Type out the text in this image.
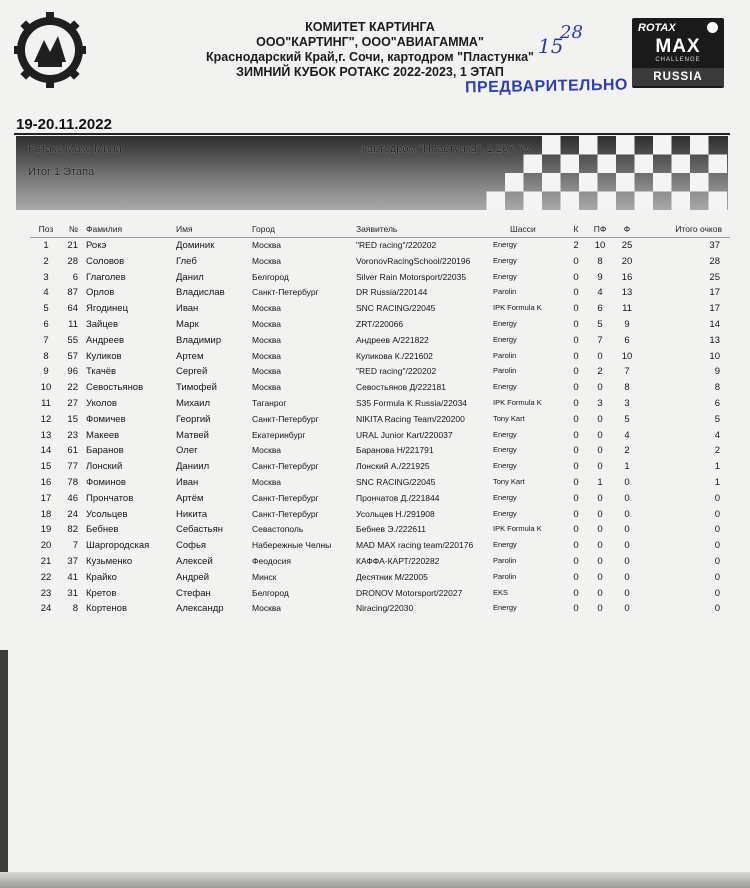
КОМИТЕТ КАРТИНГА
ООО"КАРТИНГ", ООО"АВИАГАММА"
Краснодарский Край,г. Сочи, картодром "Пластунка"
ЗИМНИЙ КУБОК РОТАКС 2022-2023, 1 ЭТАП
15
28
ПРЕДВАРИТЕЛЬНО
ROTAX
MAX
CHALLENGE
RUSSIA
19-20.11.2022
Ротакс Макс Мини
Итог 1 Этапа
картодром "Пластунка", 1,207 Км
Поз	№ Фамилия	Имя	Город	Заявитель	Шасси	К	ПФ	Ф	Итого очков
1	21 Рокэ	Доминик	Москва	"RED racing"/220202	Energy	2	10	25	37
2	28 Соловов	Глеб	Москва	VoronovRacingSchool/220196	Energy	0	8	20	28
3	6 Глаголев	Данил	Белгород	Silver Rain Motorsport/22035	Energy	0	9	16	25
4	87 Орлов	Владислав	Санкт-Петербург	DR Russia/220144	Parolin	0	4	13	17
5	64 Ягодинец	Иван	Москва	SNC RACING/22045	IPK Formula K	0	6	11	17
6	11 Зайцев	Марк	Москва	ZRT/220066	Energy	0	5	9	14
7	55 Андреев	Владимир	Москва	Андреев А/221822	Energy	0	7	6	13
8	57 Куликов	Артем	Москва	Куликова К./221602	Parolin	0	0	10	10
9	96 Ткачёв	Сергей	Москва	"RED racing"/220202	Parolin	0	2	7	9
10	22 Севостьянов	Тимофей	Москва	Севостьянов Д/222181	Energy	0	0	8	8
11	27 Уколов	Михаил	Таганрог	S35 Formula K Russia/22034	IPK Formula K	0	3	3	6
12	15 Фомичев	Георгий	Санкт-Петербург	NIKITA Racing Team/220200	Tony Kart	0	0	5	5
13	23 Макеев	Матвей	Екатеринбург	URAL Junior Kart/220037	Energy	0	0	4	4
14	61 Баранов	Олег	Москва	Баранова Н/221791	Energy	0	0	2	2
15	77 Лонский	Даниил	Санкт-Петербург	Лонский А./221925	Energy	0	0	1	1
16	78 Фоминов	Иван	Москва	SNC RACING/22045	Tony Kart	0	1	0	1
17	46 Прончатов	Артём	Санкт-Петербург	Прончатов Д./221844	Energy	0	0	0	0
18	24 Усольцев	Никита	Санкт-Петербург	Усольцев Н./291908	Energy	0	0	0	0
19	82 Бебнев	Себастьян	Севастополь	Бебнев Э./222611	IPK Formula K	0	0	0	0
20	7 Шаргородская	Софья	Набережные Челны	MAD MAX racing team/220176	Energy	0	0	0	0
21	37 Кузьменко	Алексей	Феодосия	КАФФА-КАРТ/220282	Parolin	0	0	0	0
22	41 Крайко	Андрей	Минск	Десятник М/22005	Parolin	0	0	0	0
23	31 Кретов	Стефан	Белгород	DRONOV Motorsport/22027	EKS	0	0	0	0
24	8 Кортенов	Александр	Москва	Niracing/22030	Energy	0	0	0	0
